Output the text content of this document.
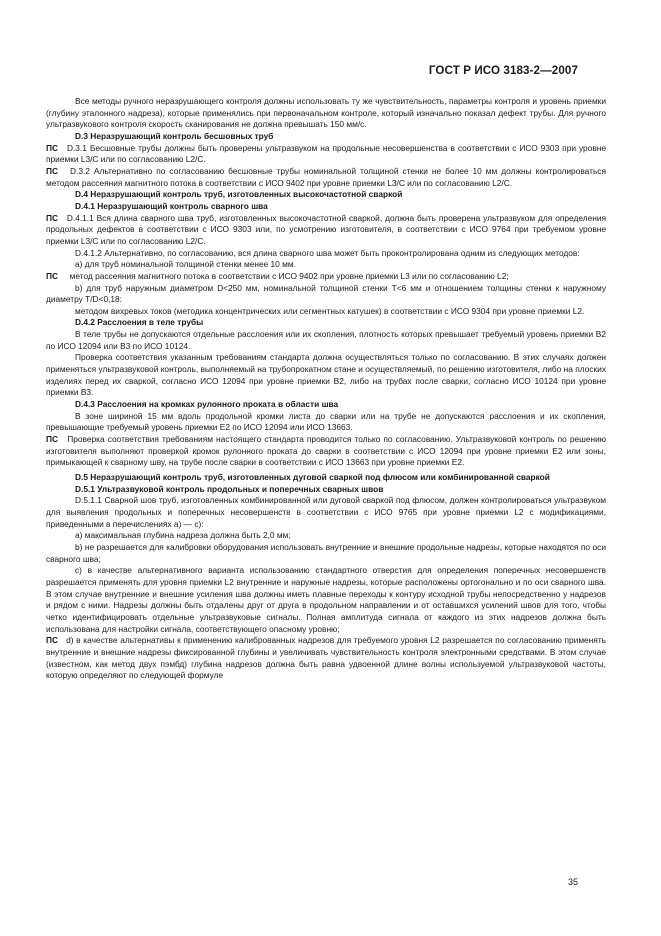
ГОСТ Р ИСО 3183-2—2007

Все методы ручного неразрушающего контроля должны использовать ту же чувствительность, параметры контроля и уровень приемки (глубину эталонного надреза), которые применялись при первоначальном контроле, который изначально показал дефект трубы. Для ручного ультразвукового контроля скорость сканирования не должна превышать 150 мм/с.

D.3 Неразрушающий контроль бесшовных труб

ПС D.3.1 Бесшовные трубы должны быть проверены ультразвуком на продольные несовершенства в соответствии с ИСО 9303 при уровне приемки L3/C или по согласованию L2/C.

ПС D.3.2 Альтернативно по согласованию бесшовные трубы номинальной толщиной стенки не более 10 мм должны контролироваться методом рассеяния магнитного потока в соответствии с ИСО 9402 при уровне приемки L3/C или по согласованию L2/C.

D.4 Неразрушающий контроль труб, изготовленных высокочастотной сваркой

D.4.1 Неразрушающий контроль сварного шва

ПС D.4.1.1 Вся длина сварного шва труб, изготовленных высокочастотной сваркой, должна быть проверена ультразвуком для определения продольных дефектов в соответствии с ИСО 9303 или, по усмотрению изготовителя, в соответствии с ИСО 9764 при требуемом уровне приемки L3/C или по согласованию L2/C.

D.4.1.2 Альтернативно, по согласованию, вся длина сварного шва может быть проконтролирована одним из следующих методов:

a) для труб номинальной толщиной стенки менее 10 мм.

ПС метод рассеяния магнитного потока в соответствии с ИСО 9402 при уровне приемки L3 или по согласованию L2;

b) для труб наружным диаметром D<250 мм, номинальной толщиной стенки T<6 мм и отношением толщины стенки к наружному диаметру T/D<0,18:

методом вихревых токов (методика концентрических или сегментных катушек) в соответствии с ИСО 9304 при уровне приемки L2.

D.4.2 Расслоения в теле трубы

В теле трубы не допускаются отдельные расслоения или их скопления, плотность которых превышает требуемый уровень приемки B2 по ИСО 12094 или B3 по ИСО 10124.

Проверка соответствия указанным требованиям стандарта должна осуществляться только по согласованию. В этих случаях должен применяться ультразвуковой контроль, выполняемый на трубопрокатном стане и осуществляемый, по решению изготовителя, либо на плоских изделиях перед их сваркой, согласно ИСО 12094 при уровне приемки B2, либо на трубах после сварки, согласно ИСО 10124 при уровне приемки B3.

D.4.3 Расслоения на кромках рулонного проката в области шва

В зоне шириной 15 мм вдоль продольной кромки листа до сварки или на трубе не допускаются расслоения и их скопления, превышающие требуемый уровень приемки E2 по ИСО 12094 или ИСО 13663.

ПС Проверка соответствия требованиям настоящего стандарта проводится только по согласованию. Ультразвуковой контроль по решению изготовителя выполняют проверкой кромок рулонного проката до сварки в соответствии с ИСО 12094 при уровне приемки E2 или зоны, примыкающей к сварному шву, на трубе после сварки в соответствии с ИСО 13663 при уровне приемки E2.

D.5 Неразрушающий контроль труб, изготовленных дуговой сваркой под флюсом или комбинированной сваркой

D.5.1 Ультразвуковой контроль продольных и поперечных сварных швов

D.5.1.1 Сварной шов труб, изготовленных комбинированной или дуговой сваркой под флюсом, должен контролироваться ультразвуком для выявления продольных и поперечных несовершенств в соответствии с ИСО 9765 при уровне приемки L2 с модификациями, приведенными в перечислениях a) — c):

a) максимальная глубина надреза должна быть 2,0 мм;

b) не разрешается для калибровки оборудования использовать внутренние и внешние продольные надрезы, которые находятся по оси сварного шва;

c) в качестве альтернативного варианта использованию стандартного отверстия для определения поперечных несовершенств разрешается применять для уровня приемки L2 внутренние и наружные надрезы, которые расположены ортогонально и по оси сварного шва. В этом случае внутренние и внешние усиления шва должны иметь плавные переходы к контуру исходной трубы непосредственно у надрезов и рядом с ними. Надрезы должны быть отдалены друг от друга в продольном направлении и от оставшихся усилений швов для того, чтобы четко идентифицировать отдельные ультразвуковые сигналы. Полная амплитуда сигнала от каждого из этих надрезов должна быть использована для настройки сигнала, соответствующего опасному уровню;

ПС d) в качестве альтернативы к применению калиброванных надрезов для требуемого уровня L2 разрешается по согласованию применять внутренние и внешние надрезы фиксированной глубины и увеличивать чувствительность контроля электронными средствами. В этом случае (известном, как метод двух пэмбд) глубина надрезов должна быть равна удвоенной длине волны используемой ультразвуковой частоты, которую определяют по следующей формуле

35
